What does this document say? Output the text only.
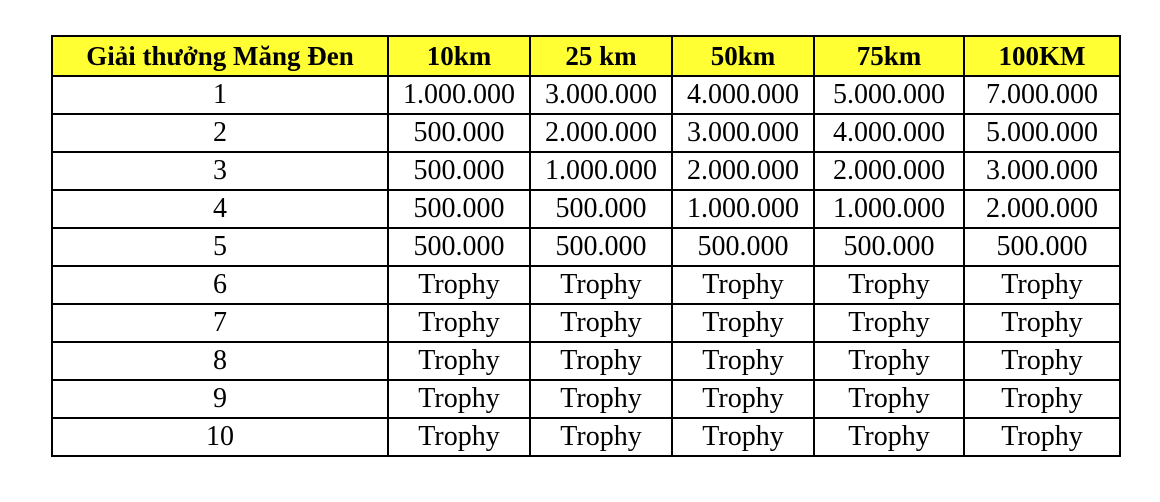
Giải thưởng Măng Đen	10km	25 km	50km	75km	100KM
1	1.000.000	3.000.000	4.000.000	5.000.000	7.000.000
2	500.000	2.000.000	3.000.000	4.000.000	5.000.000
3	500.000	1.000.000	2.000.000	2.000.000	3.000.000
4	500.000	500.000	1.000.000	1.000.000	2.000.000
5	500.000	500.000	500.000	500.000	500.000
6	Trophy	Trophy	Trophy	Trophy	Trophy
7	Trophy	Trophy	Trophy	Trophy	Trophy
8	Trophy	Trophy	Trophy	Trophy	Trophy
9	Trophy	Trophy	Trophy	Trophy	Trophy
10	Trophy	Trophy	Trophy	Trophy	Trophy
